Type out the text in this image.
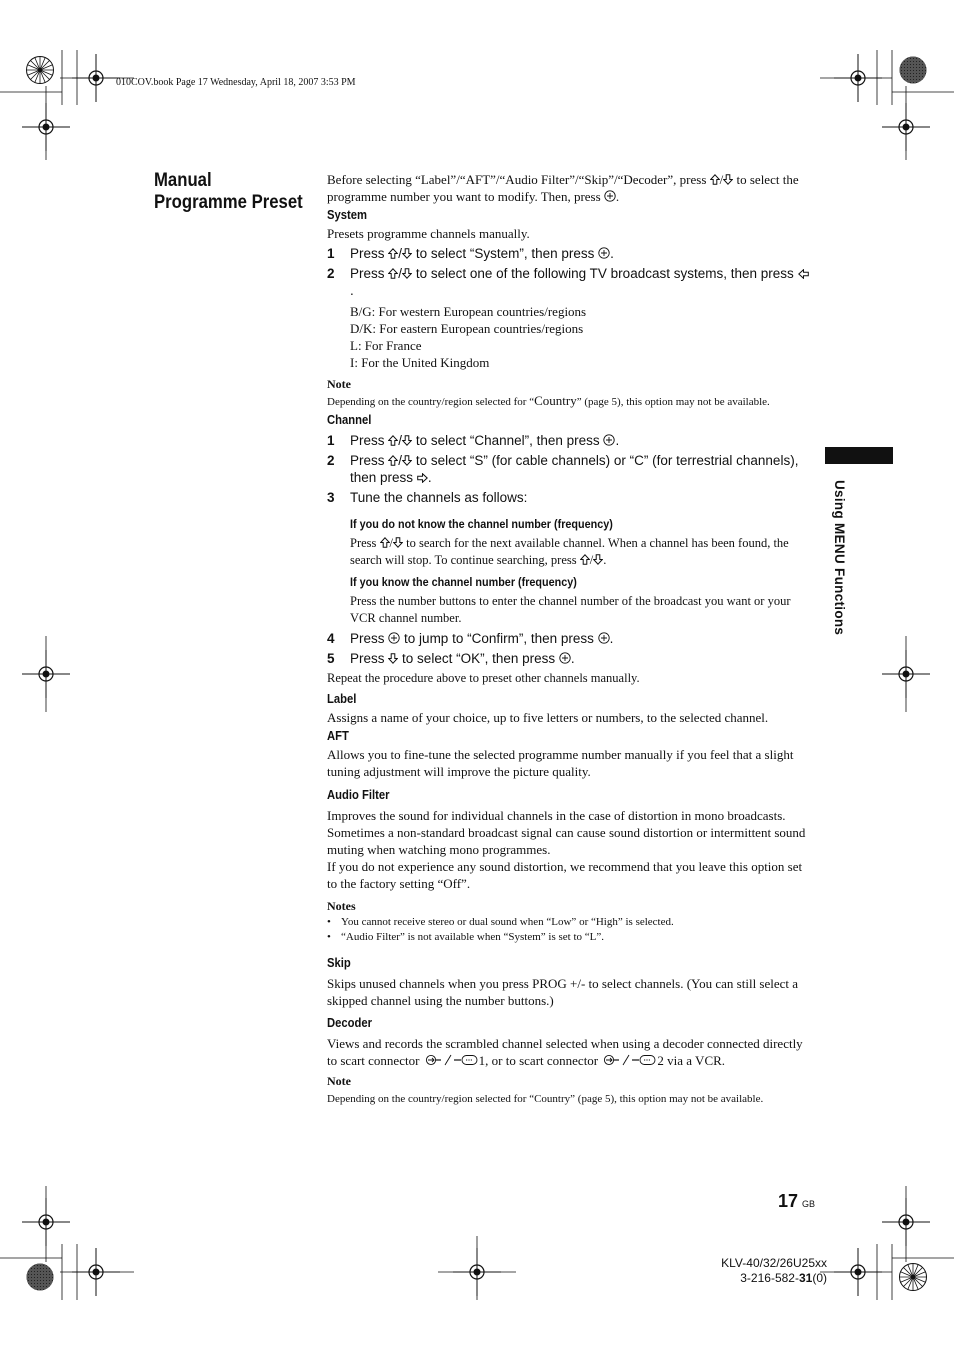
010COV.book Page 17 Wednesday, April 18, 2007 3:53 PM
Manual Programme Preset

Before selecting “Label”/“AFT”/“Audio Filter”/“Skip”/“Decoder”, press / to select the programme number you want to modify. Then, press .

System

Presets programme channels manually.

1 Press / to select “System”, then press .
2 Press / to select one of the following TV broadcast systems, then press .

B/G: For western European countries/regions

D/K: For eastern European countries/regions

L: For France

I: For the United Kingdom

Note

Depending on the country/region selected for “Country” (page 5), this option may not be available.

Channel
1 Press / to select “Channel”, then press .
2 Press / to select “S” (for cable channels) or “C” (for terrestrial channels), then press .
3 Tune the channels as follows:
If you do not know the channel number (frequency)

Press / to search for the next available channel. When a channel has been found, the search will stop. To continue searching, press / .

If you know the channel number (frequency)

Press the number buttons to enter the channel number of the broadcast you want or your VCR channel number.

4 Press to jump to “Confirm”, then press .
5 Press to select “OK”, then press .

Repeat the procedure above to preset other channels manually.

Label

Assigns a name of your choice, up to five letters or numbers, to the selected channel.

AFT

Allows you to fine-tune the selected programme number manually if you feel that a slight tuning adjustment will improve the picture quality.

Audio Filter

Improves the sound for individual channels in the case of distortion in mono broadcasts. Sometimes a non-standard broadcast signal can cause sound distortion or intermittent sound muting when watching mono programmes.

If you do not experience any sound distortion, we recommend that you leave this option set to the factory setting “Off”.

Notes
• You cannot receive stereo or dual sound when “Low” or “High” is selected.
• “Audio Filter” is not available when “System” is set to “L”.
Skip

Skips unused channels when you press PROG +/- to select channels. (You can still select a skipped channel using the number buttons.)

Decoder

Views and records the scrambled channel selected when using a decoder connected directly to scart connector	1, or to scart connector	2 via a VCR.

Note

Depending on the country/region selected for “Country” (page 5), this option may not be available.

Using MENU Functions
17 GB
KLV-40/32/26U25xx
3-216-582-31(0)
